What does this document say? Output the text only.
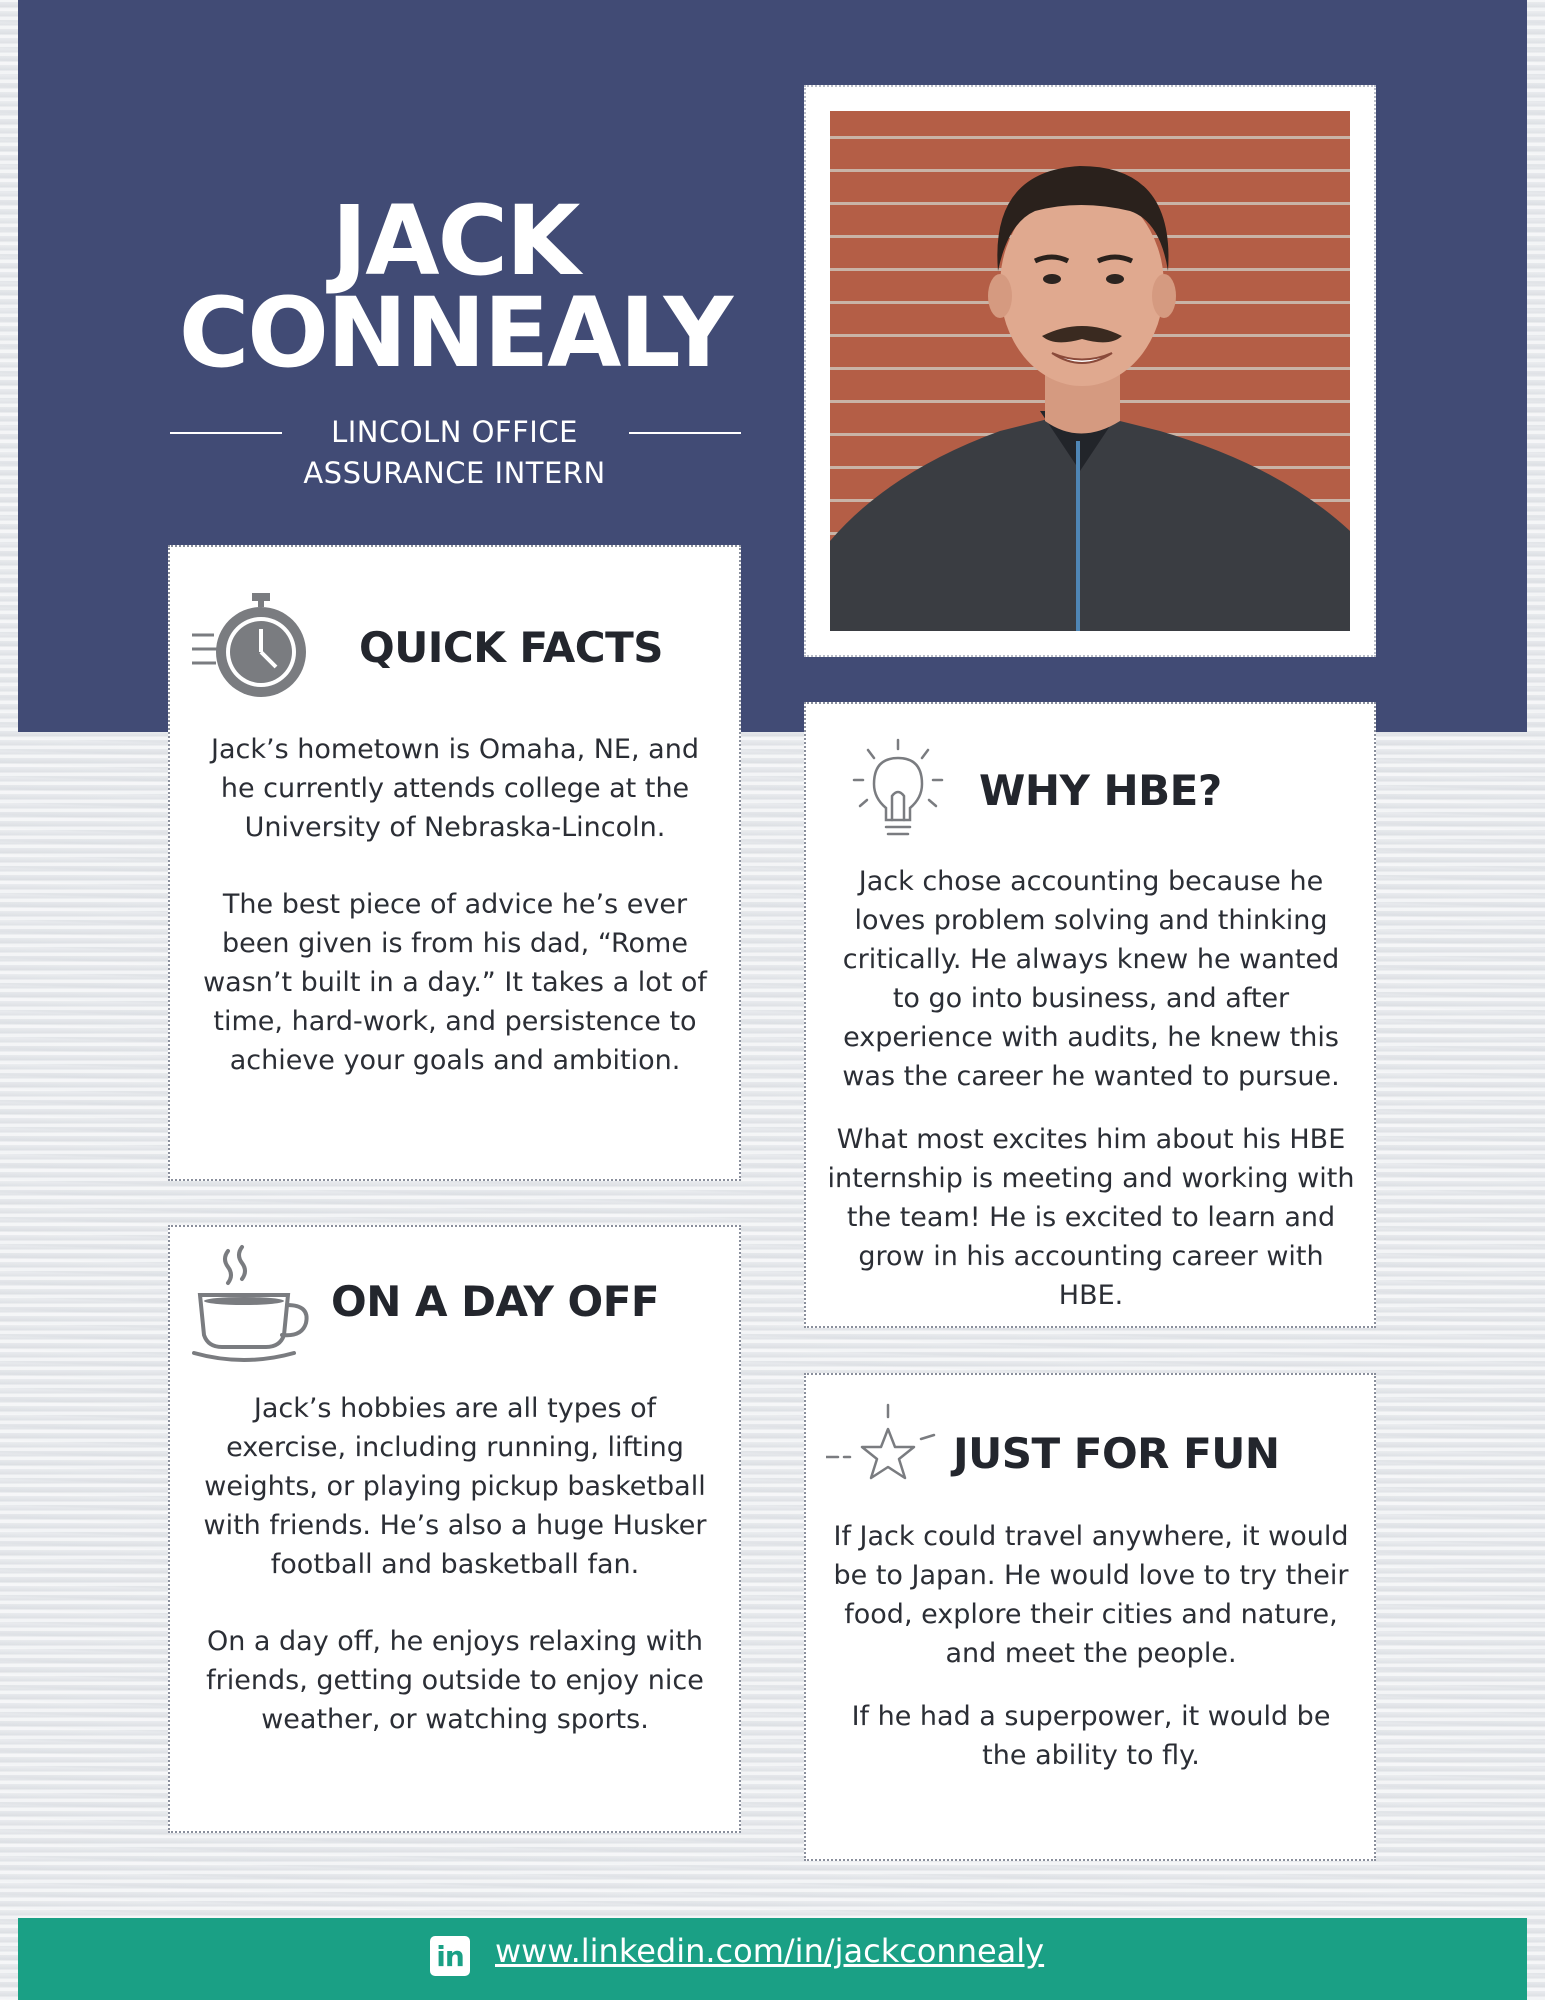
JACK
CONNEALY
LINCOLN OFFICE
ASSURANCE INTERN
QUICK FACTS

Jack’s hometown is Omaha, NE, and he currently attends college at the University of Nebraska-Lincoln.

The best piece of advice he’s ever been given is from his dad, “Rome wasn’t built in a day.” It takes a lot of time, hard-work, and persistence to achieve your goals and ambition.

WHY HBE?

Jack chose accounting because he loves problem solving and thinking critically. He always knew he wanted to go into business, and after experience with audits, he knew this was the career he wanted to pursue.

What most excites him about his HBE internship is meeting and working with the team! He is excited to learn and grow in his accounting career with HBE.

ON A DAY OFF

Jack’s hobbies are all types of exercise, including running, lifting weights, or playing pickup basketball with friends. He’s also a huge Husker football and basketball fan.

On a day off, he enjoys relaxing with friends, getting outside to enjoy nice weather, or watching sports.

JUST FOR FUN

If Jack could travel anywhere, it would be to Japan. He would love to try their food, explore their cities and nature, and meet the people.

If he had a superpower, it would be the ability to fly.

in www.linkedin.com/in/jackconnealy
